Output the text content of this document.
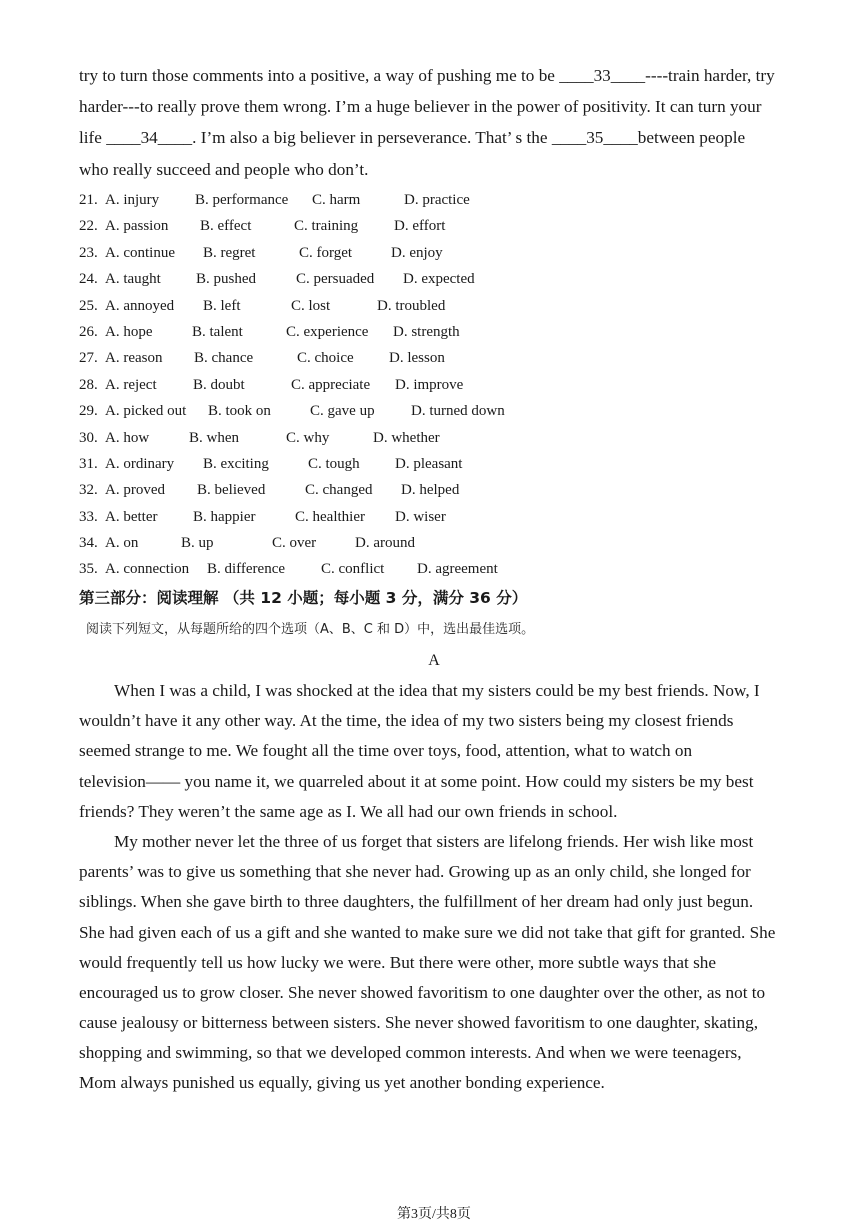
try to turn those comments into a positive, a way of pushing me to be ____33____----train harder, try
harder---to really prove them wrong. I’m a huge believer in the power of positivity. It can turn your
life ____34____. I’m also a big believer in perseverance. That’ s the ____35____between people
who really succeed and people who don’t.
21. A. injury B. performance C. harm	D. practice
22. A. passion B. effect	C. training D. effort
23. A. continue B. regret	C. forget	D. enjoy
24. A. taught B. pushed	C. persuaded D. expected
25. A. annoyed B. left	C. lost	D. troubled
26. A. hope	B. talent	C. experience D. strength
27. A. reason B. chance	C. choice D. lesson
28. A. reject B. doubt	C. appreciate D. improve
29. A. picked out B. took on	C. gave up D. turned down
30. A. how	B. when	C. why	D. whether
31. A. ordinary B. exciting	C. tough D. pleasant
32. A. proved B. believed	C. changed D. helped
33. A. better B. happier	C. healthier D. wiser
34. A. on	B. up	C. over	D. around
35. A. connection B. difference C. conflict D. agreement
第三部分：阅读理解 （共 12 小题；每小题 3 分，满分 36 分）
阅读下列短文，从每题所给的四个选项（A、B、C 和 D）中，选出最佳选项。
A
When I was a child, I was shocked at the idea that my sisters could be my best friends. Now, I
wouldn’t have it any other way. At the time, the idea of my two sisters being my closest friends
seemed strange to me. We fought all the time over toys, food, attention, what to watch on
television—— you name it, we quarreled about it at some point. How could my sisters be my best
friends? They weren’t the same age as I. We all had our own friends in school.
My mother never let the three of us forget that sisters are lifelong friends. Her wish like most
parents’ was to give us something that she never had. Growing up as an only child, she longed for
siblings. When she gave birth to three daughters, the fulfillment of her dream had only just begun.
She had given each of us a gift and she wanted to make sure we did not take that gift for granted. She
would frequently tell us how lucky we were. But there were other, more subtle ways that she
encouraged us to grow closer. She never showed favoritism to one daughter over the other, as not to
cause jealousy or bitterness between sisters. She never showed favoritism to one daughter, skating,
shopping and swimming, so that we developed common interests. And when we were teenagers,
Mom always punished us equally, giving us yet another bonding experience.
第3页/共8页
